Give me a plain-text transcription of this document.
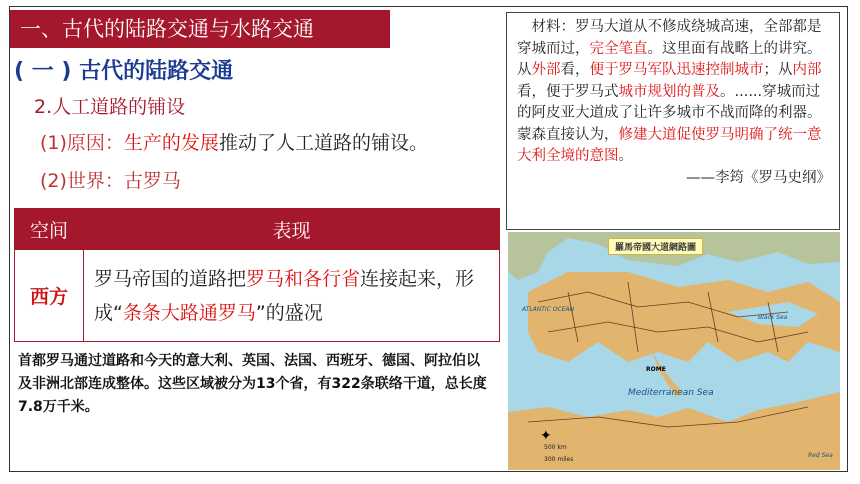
一、古代的陆路交通与水路交通
( 一 ) 古代的陆路交通
2.人工道路的铺设
(1)原因：生产的发展推动了人工道路的铺设。
(2)世界：古罗马
空间	表现
西方	罗马帝国的道路把罗马和各行省连接起来，形成“条条大路通罗马”的盛况
首都罗马通过道路和今天的意大利、英国、法国、西班牙、德国、阿拉伯以及非洲北部连成整体。这些区域被分为13个省，有322条联络干道，总长度7.8万千米。
　材料：罗马大道从不修成绕城高速，全部都是穿城而过，完全笔直。这里面有战略上的讲究。从外部看，便于罗马军队迅速控制城市；从内部看，便于罗马式城市规划的普及。......穿城而过的阿皮亚大道成了让许多城市不战而降的利器。蒙森直接认为，修建大道促使罗马明确了统一意大利全境的意图。
——李筠《罗马史纲》
羅馬帝國大道網路圖
ATLANTIC OCEAN
Black Sea
Mediterranean Sea
ROME
Red Sea
500 km
300 miles
✦
